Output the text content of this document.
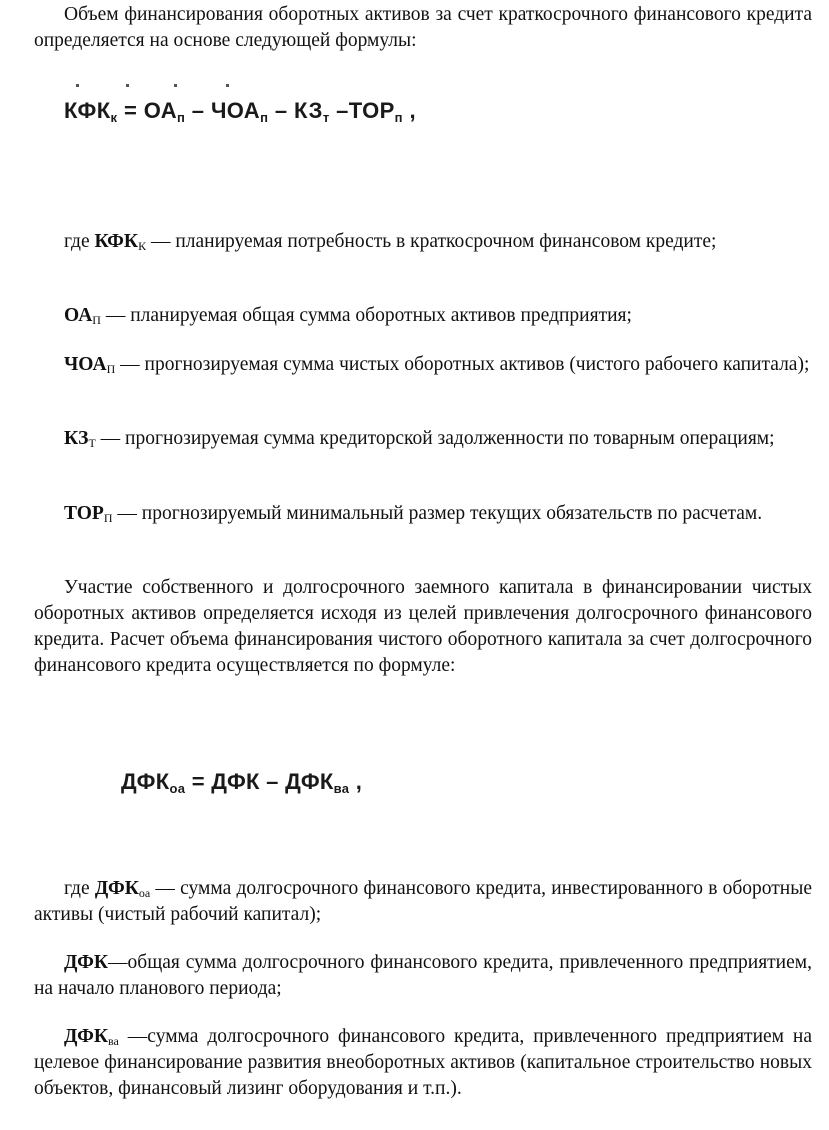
Объем финансирования оборотных активов за счет краткосрочного финансового кредита определяется на основе следующей формулы:

$КФК_к = ОА_п - ЧОА_п - КЗ_т$ $-ТОР_п$ ,

где $КФК_К$ — планируемая потребность в краткосрочном финансовом кредите;

$ОА_П$ — планируемая общая сумма оборотных активов предприятия;

$ЧОА_П$ — прогнозируемая сумма чистых оборотных активов (чистого рабочего капитала);

$КЗ_Т$ — прогнозируемая сумма кредиторской задолженности по товарным операциям;

$ТОР_П$ — прогнозируемый минимальный размер текущих обязательств по расчетам.

Участие собственного и долгосрочного заемного капитала в финансировании чистых оборотных активов определяется исходя из целей привлечения долгосрочного финансового кредита. Расчет объема финансирования чистого оборотного капитала за счет долгосрочного финансового кредита осуществляется по формуле:

$ДФК_{оа}$ = ДФК – $ДФК_{ва}$ ,

где $ДФК_{оа}$ — сумма долгосрочного финансового кредита, инвестированного в оборотные активы (чистый рабочий капитал);

ДФК—общая сумма долгосрочного финансового кредита, привлеченного предприятием, на начало планового периода;

$ДФК_{ва}$ —сумма долгосрочного финансового кредита, привлеченного предприятием на целевое финансирование развития внеоборотных активов (капитальное строительство новых объектов, финансовый лизинг оборудования и т.п.).
